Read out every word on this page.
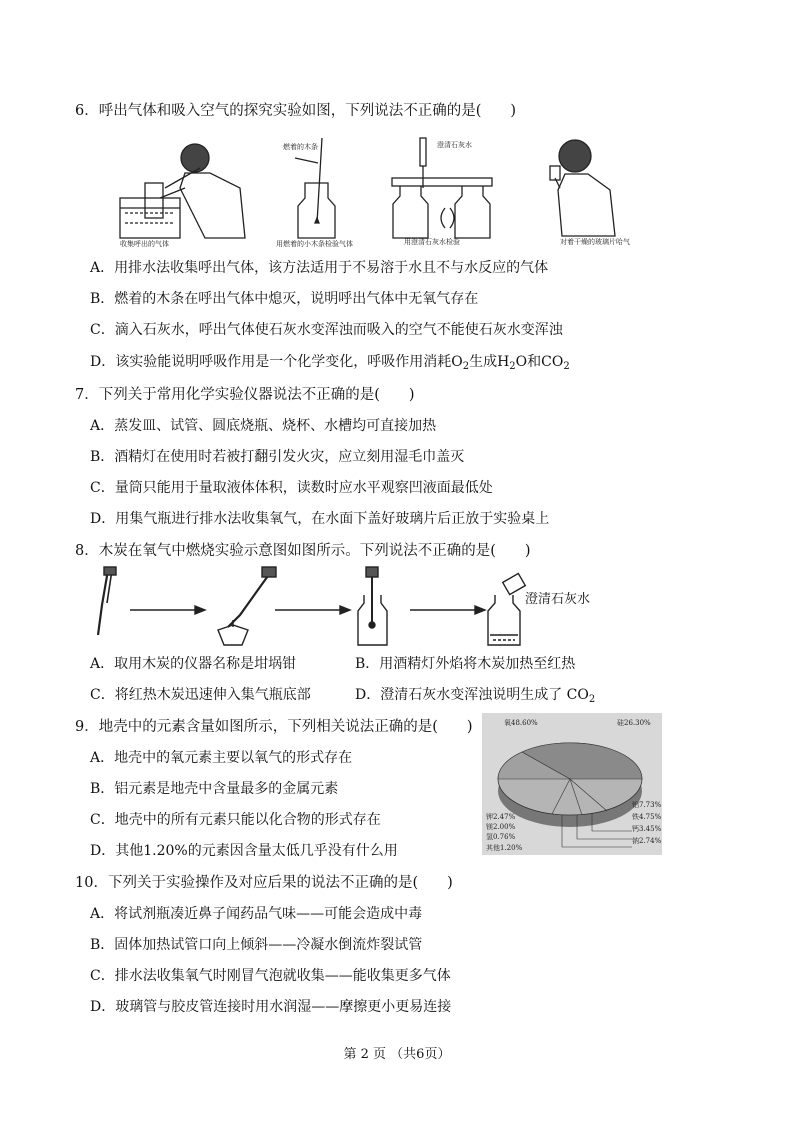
6．呼出气体和吸入空气的探究实验如图，下列说法不正确的是(　　)
燃着的木条	澄清石灰水
收集呼出的气体	用燃着的小木条检验气体	用澄清石灰水检验	对着干燥的玻璃片哈气
A．用排水法收集呼出气体，该方法适用于不易溶于水且不与水反应的气体
B．燃着的木条在呼出气体中熄灭，说明呼出气体中无氧气存在
C．滴入石灰水，呼出气体使石灰水变浑浊而吸入的空气不能使石灰水变浑浊
D．该实验能说明呼吸作用是一个化学变化，呼吸作用消耗$O_2$生成$H_2O$和$CO_2$
7．下列关于常用化学实验仪器说法不正确的是(　　)
A．蒸发皿、试管、圆底烧瓶、烧杯、水槽均可直接加热
B．酒精灯在使用时若被打翻引发火灾，应立刻用湿毛巾盖灭
C．量筒只能用于量取液体体积，读数时应水平观察凹液面最低处
D．用集气瓶进行排水法收集氧气，在水面下盖好玻璃片后正放于实验桌上
8．木炭在氧气中燃烧实验示意图如图所示。下列说法不正确的是(　　)
澄清石灰水
A．取用木炭的仪器名称是坩埚钳	B．用酒精灯外焰将木炭加热至红热
C．将红热木炭迅速伸入集气瓶底部	D．澄清石灰水变浑浊说明生成了 $CO_2$
9．地壳中的元素含量如图所示，下列相关说法正确的是(　　)
A．地壳中的氧元素主要以氧气的形式存在
B．铝元素是地壳中含量最多的金属元素
C．地壳中的所有元素只能以化合物的形式存在
D．其他1.20%的元素因含量太低几乎没有什么用
氧48.60%	硅26.30%
铝7.73%
铁4.75%
钙3.45%
钠2.74%
钾2.47%
镁2.00%
氢0.76%
其他1.20%
10．下列关于实验操作及对应后果的说法不正确的是(　　)
A．将试剂瓶凑近鼻子闻药品气味——可能会造成中毒
B．固体加热试管口向上倾斜——冷凝水倒流炸裂试管
C．排水法收集氧气时刚冒气泡就收集——能收集更多气体
D．玻璃管与胶皮管连接时用水润湿——摩擦更小更易连接
第 2 页 （共6页）
